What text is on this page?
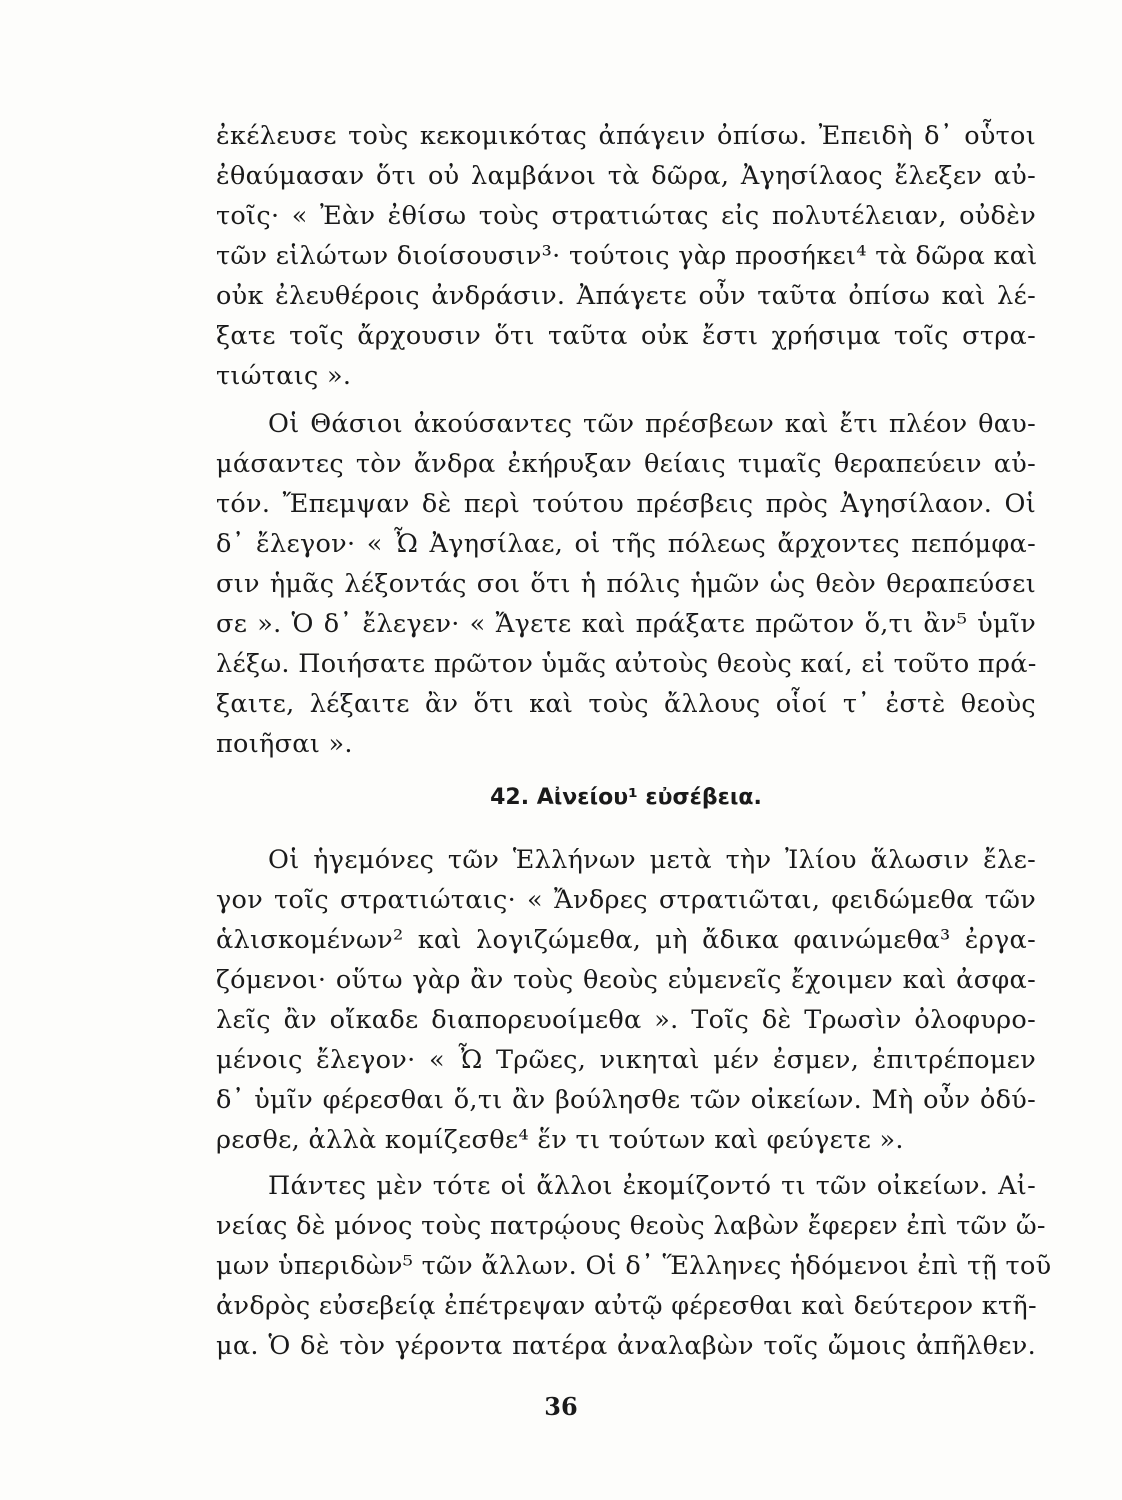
ἐκέλευσε τοὺς κεκομικότας ἀπάγειν ὀπίσω. Ἐπειδὴ δ᾽ οὗτοι
ἐθαύμασαν ὅτι οὐ λαμβάνοι τὰ δῶρα, Ἀγησίλαος ἔλεξεν αὐ-
τοῖς· « Ἐὰν ἐθίσω τοὺς στρατιώτας εἰς πολυτέλειαν, οὐδὲν
τῶν εἱλώτων διοίσουσιν³· τούτοις γὰρ προσήκει⁴ τὰ δῶρα καὶ
οὐκ ἐλευθέροις ἀνδράσιν. Ἀπάγετε οὖν ταῦτα ὀπίσω καὶ λέ-
ξατε τοῖς ἄρχουσιν ὅτι ταῦτα οὐκ ἔστι χρήσιμα τοῖς στρα-
τιώταις ».
Οἱ Θάσιοι ἀκούσαντες τῶν πρέσβεων καὶ ἔτι πλέον θαυ-
μάσαντες τὸν ἄνδρα ἐκήρυξαν θείαις τιμαῖς θεραπεύειν αὐ-
τόν. Ἔπεμψαν δὲ περὶ τούτου πρέσβεις πρὸς Ἀγησίλαον. Οἱ
δ᾽ ἔλεγον· « Ὦ Ἀγησίλαε, οἱ τῆς πόλεως ἄρχοντες πεπόμφα-
σιν ἡμᾶς λέξοντάς σοι ὅτι ἡ πόλις ἡμῶν ὡς θεὸν θεραπεύσει
σε ». Ὁ δ᾽ ἔλεγεν· « Ἄγετε καὶ πράξατε πρῶτον ὅ,τι ἂν⁵ ὑμῖν
λέξω. Ποιήσατε πρῶτον ὑμᾶς αὐτοὺς θεοὺς καί, εἰ τοῦτο πρά-
ξαιτε, λέξαιτε ἂν ὅτι καὶ τοὺς ἄλλους οἷοί τ᾽ ἐστὲ θεοὺς
ποιῆσαι ».
42. Αἰνείου¹ εὐσέβεια.
Οἱ ἡγεμόνες τῶν Ἑλλήνων μετὰ τὴν Ἰλίου ἅλωσιν ἔλε-
γον τοῖς στρατιώταις· « Ἄνδρες στρατιῶται, φειδώμεθα τῶν
ἁλισκομένων² καὶ λογιζώμεθα, μὴ ἄδικα φαινώμεθα³ ἐργα-
ζόμενοι· οὕτω γὰρ ἂν τοὺς θεοὺς εὐμενεῖς ἔχοιμεν καὶ ἀσφα-
λεῖς ἂν οἴκαδε διαπορευοίμεθα ». Τοῖς δὲ Τρωσὶν ὀλοφυρο-
μένοις ἔλεγον· « Ὦ Τρῶες, νικηταὶ μέν ἐσμεν, ἐπιτρέπομεν
δ᾽ ὑμῖν φέρεσθαι ὅ,τι ἂν βούλησθε τῶν οἰκείων. Μὴ οὖν ὀδύ-
ρεσθε, ἀλλὰ κομίζεσθε⁴ ἕν τι τούτων καὶ φεύγετε ».
Πάντες μὲν τότε οἱ ἄλλοι ἐκομίζοντό τι τῶν οἰκείων. Αἰ-
νείας δὲ μόνος τοὺς πατρῴους θεοὺς λαβὼν ἔφερεν ἐπὶ τῶν ὤ-
μων ὑπεριδὼν⁵ τῶν ἄλλων. Οἱ δ᾽ Ἕλληνες ἡδόμενοι ἐπὶ τῇ τοῦ
ἀνδρὸς εὐσεβείᾳ ἐπέτρεψαν αὐτῷ φέρεσθαι καὶ δεύτερον κτῆ-
μα. Ὁ δὲ τὸν γέροντα πατέρα ἀναλαβὼν τοῖς ὤμοις ἀπῆλθεν.
36
